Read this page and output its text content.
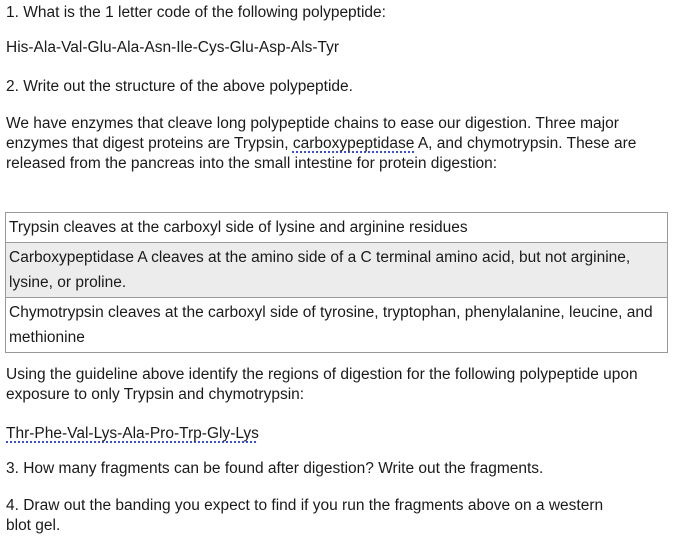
1. What is the 1 letter code of the following polypeptide:
His-Ala-Val-Glu-Ala-Asn-Ile-Cys-Glu-Asp-Als-Tyr
2. Write out the structure of the above polypeptide.
We have enzymes that cleave long polypeptide chains to ease our digestion. Three major enzymes that digest proteins are Trypsin, carboxypeptidase A, and chymotrypsin. These are released from the pancreas into the small intestine for protein digestion:
Trypsin cleaves at the carboxyl side of lysine and arginine residues
Carboxypeptidase A cleaves at the amino side of a C terminal amino acid, but not arginine, lysine, or proline.
Chymotrypsin cleaves at the carboxyl side of tyrosine, tryptophan, phenylalanine, leucine, and methionine
Using the guideline above identify the regions of digestion for the following polypeptide upon exposure to only Trypsin and chymotrypsin:
Thr-Phe-Val-Lys-Ala-Pro-Trp-Gly-Lys
3. How many fragments can be found after digestion? Write out the fragments.
4. Draw out the banding you expect to find if you run the fragments above on a western blot gel.
